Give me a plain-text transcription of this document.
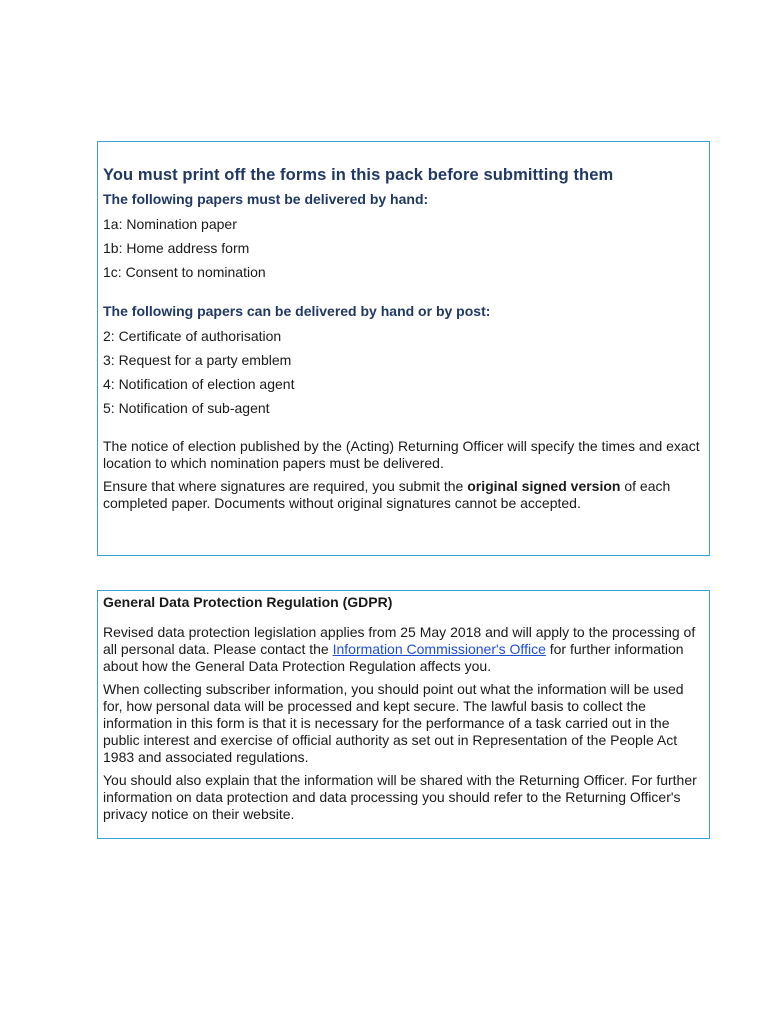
You must print off the forms in this pack before submitting them

The following papers must be delivered by hand:

1a: Nomination paper

1b: Home address form

1c: Consent to nomination

The following papers can be delivered by hand or by post:

2: Certificate of authorisation

3: Request for a party emblem

4: Notification of election agent

5: Notification of sub-agent

The notice of election published by the (Acting) Returning Officer will specify the times and exact location to which nomination papers must be delivered.

Ensure that where signatures are required, you submit the original signed version of each completed paper. Documents without original signatures cannot be accepted.

General Data Protection Regulation (GDPR)

Revised data protection legislation applies from 25 May 2018 and will apply to the processing of all personal data. Please contact the Information Commissioner's Office for further information about how the General Data Protection Regulation affects you.

When collecting subscriber information, you should point out what the information will be used for, how personal data will be processed and kept secure. The lawful basis to collect the information in this form is that it is necessary for the performance of a task carried out in the public interest and exercise of official authority as set out in Representation of the People Act 1983 and associated regulations.

You should also explain that the information will be shared with the Returning Officer. For further information on data protection and data processing you should refer to the Returning Officer's privacy notice on their website.
